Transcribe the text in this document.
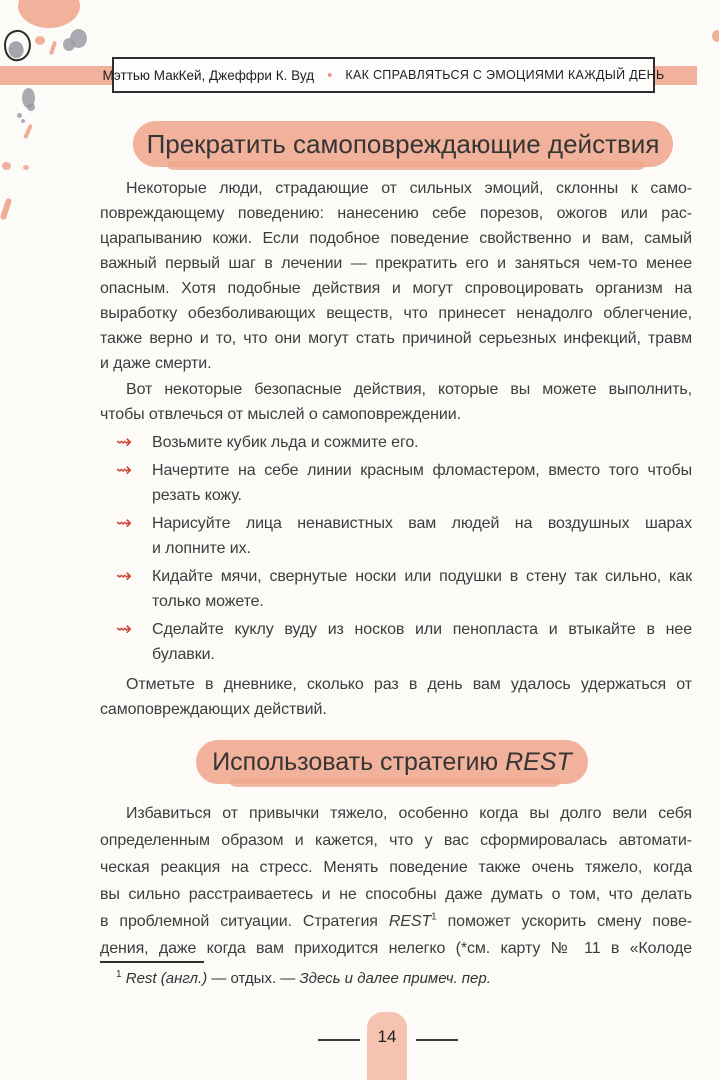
Мэттью МакКей, Джеффри К. Вуд • КАК СПРАВЛЯТЬСЯ С ЭМОЦИЯМИ КАЖДЫЙ ДЕНЬ
Прекратить самоповреждающие действия
Некоторые люди, страдающие от сильных эмоций, склонны к само-
повреждающему поведению: нанесению себе порезов, ожогов или рас-
царапыванию кожи. Если подобное поведение свойственно и вам, самый
важный первый шаг в лечении — прекратить его и заняться чем-то менее
опасным. Хотя подобные действия и могут спровоцировать организм на
выработку обезболивающих веществ, что принесет ненадолго облегчение,
также верно и то, что они могут стать причиной серьезных инфекций, травм
и даже смерти.
Вот некоторые безопасные действия, которые вы можете выполнить,
чтобы отвлечься от мыслей о самоповреждении.
⇝ Возьмите кубик льда и сожмите его.
⇝ Начертите на себе линии красным фломастером, вместо того чтобы
резать кожу.
⇝ Нарисуйте лица ненавистных вам людей на воздушных шарах
и лопните их.
⇝ Кидайте мячи, свернутые носки или подушки в стену так сильно, как
только можете.
⇝ Сделайте куклу вуду из носков или пенопласта и втыкайте в нее
булавки.
Отметьте в дневнике, сколько раз в день вам удалось удержаться от
самоповреждающих действий.
Использовать стратегию REST
Избавиться от привычки тяжело, особенно когда вы долго вели себя
определенным образом и кажется, что у вас сформировалась автомати-
ческая реакция на стресс. Менять поведение также очень тяжело, когда
вы сильно расстраиваетесь и не способны даже думать о том, что делать
в проблемной ситуации. Стратегия REST$^1$ поможет ускорить смену пове-
дения, даже когда вам приходится нелегко (*см. карту № 11 в «Колоде
$^1$ Rest (англ.) — отдых. — Здесь и далее примеч. пер.
14
